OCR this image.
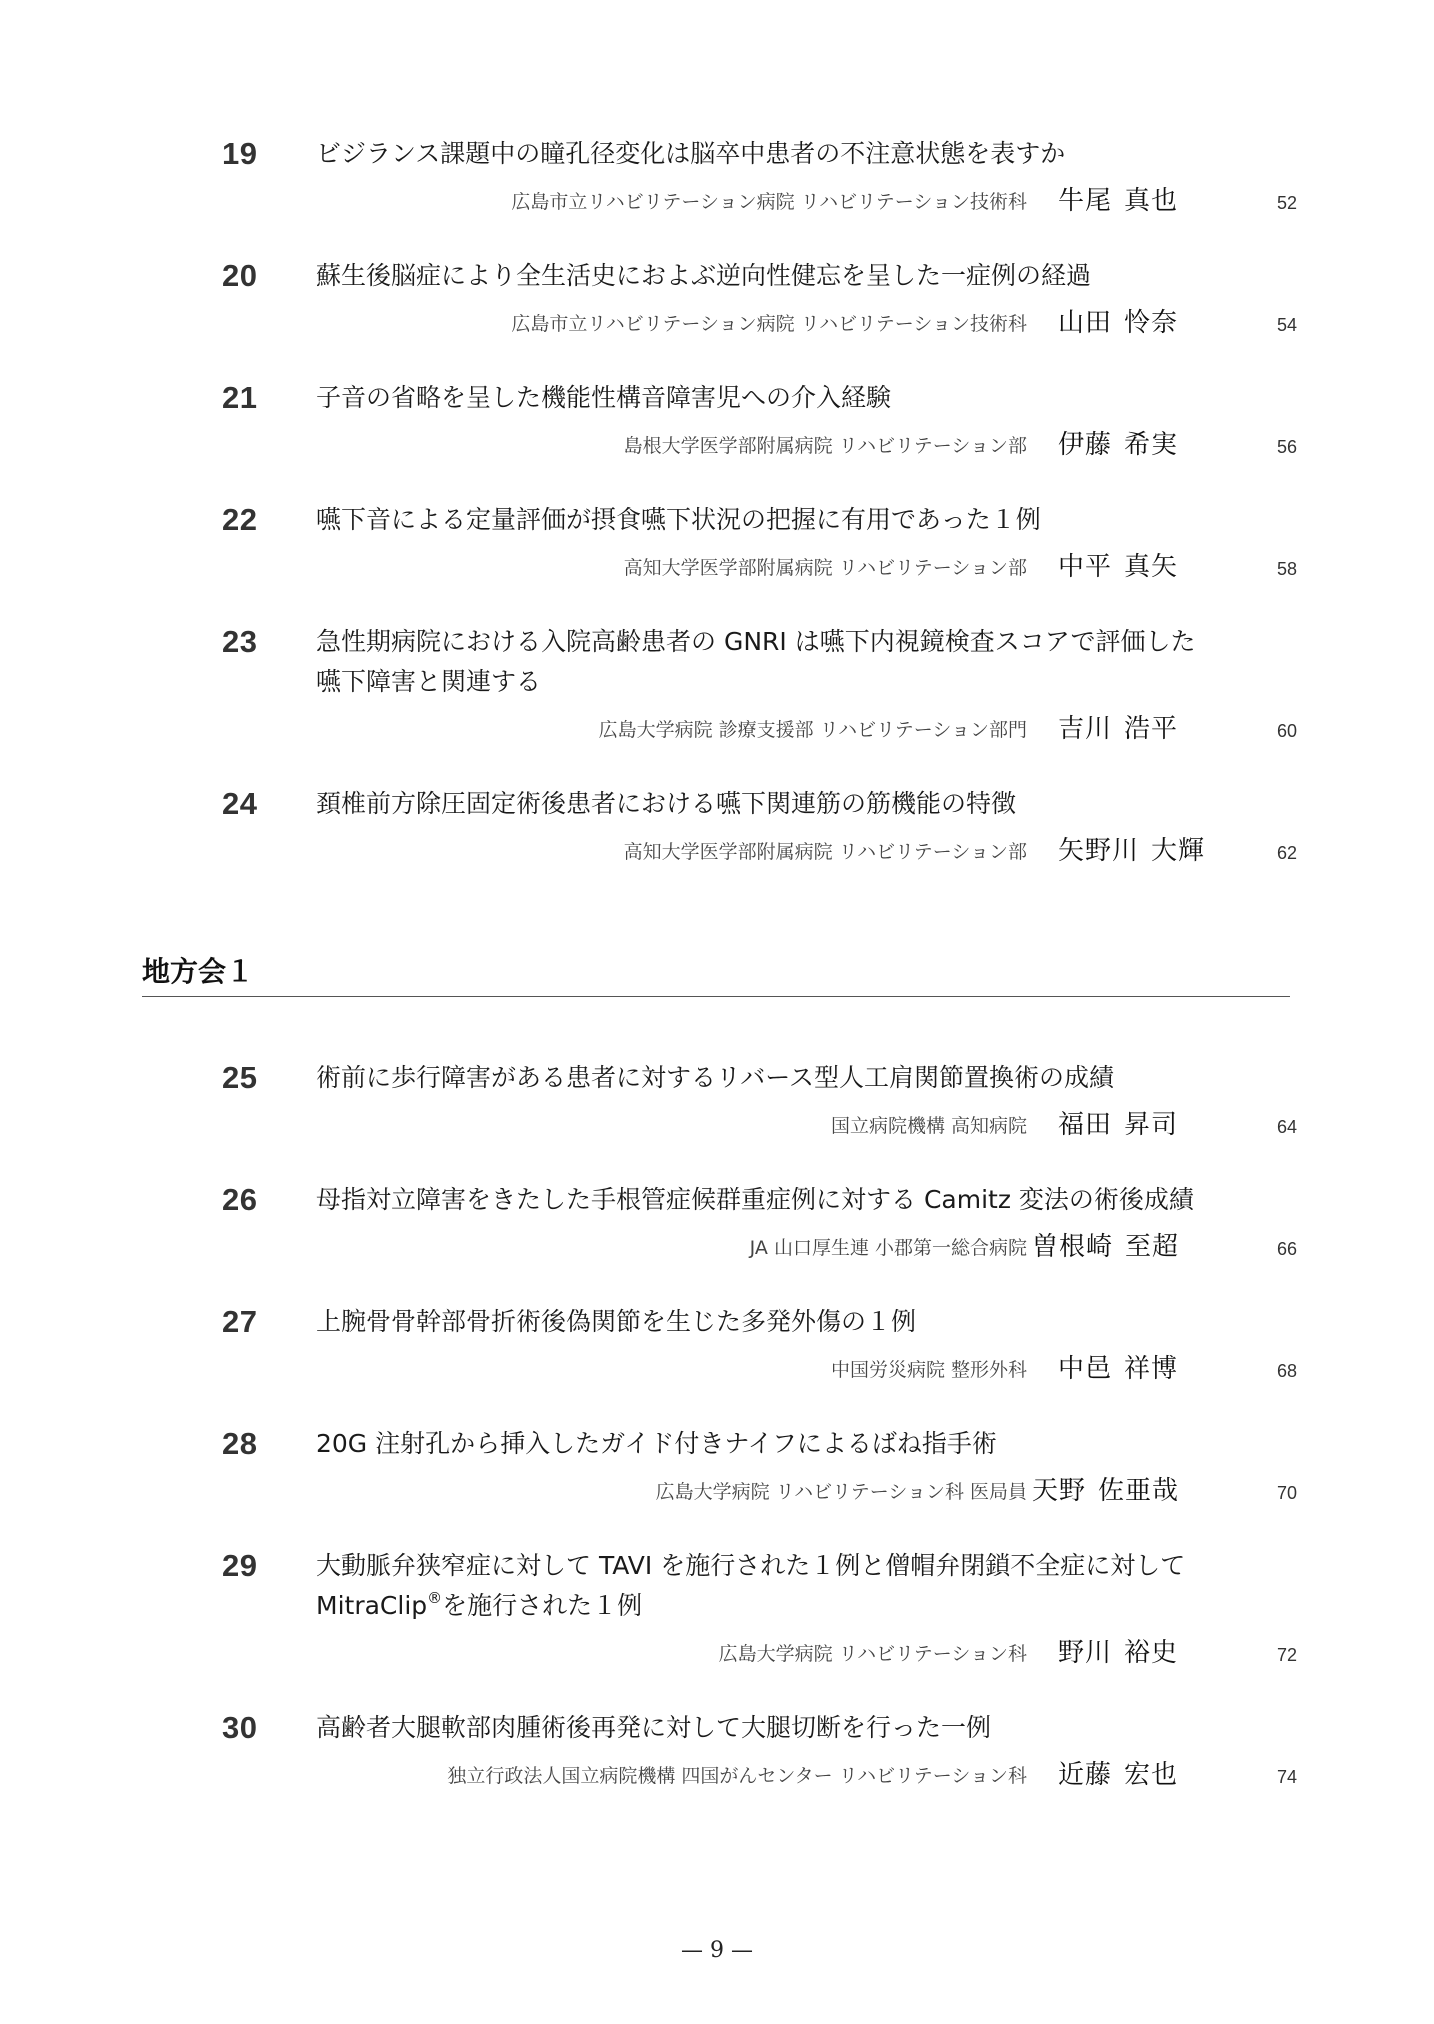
19 ビジランス課題中の瞳孔径変化は脳卒中患者の不注意状態を表すか
広島市立リハビリテーション病院 リハビリテーション技術科 牛尾 真也	52
20 蘇生後脳症により全生活史におよぶ逆向性健忘を呈した一症例の経過
広島市立リハビリテーション病院 リハビリテーション技術科 山田 怜奈	54
21 子音の省略を呈した機能性構音障害児への介入経験
島根大学医学部附属病院 リハビリテーション部 伊藤 希実	56
22 嚥下音による定量評価が摂食嚥下状況の把握に有用であった１例
高知大学医学部附属病院 リハビリテーション部 中平 真矢	58
23 急性期病院における入院高齢患者の GNRI は嚥下内視鏡検査スコアで評価した
嚥下障害と関連する
広島大学病院 診療支援部 リハビリテーション部門 吉川 浩平	60
24 頚椎前方除圧固定術後患者における嚥下関連筋の筋機能の特徴
高知大学医学部附属病院 リハビリテーション部 矢野川 大輝	62
地方会１
25 術前に歩行障害がある患者に対するリバース型人工肩関節置換術の成績
国立病院機構 高知病院 福田 昇司	64
26 母指対立障害をきたした手根管症候群重症例に対する Camitz 変法の術後成績
JA 山口厚生連 小郡第一総合病院 曽根崎 至超	66
27 上腕骨骨幹部骨折術後偽関節を生じた多発外傷の１例
中国労災病院 整形外科 中邑 祥博	68
28 20G 注射孔から挿入したガイド付きナイフによるばね指手術
広島大学病院 リハビリテーション科 医局員 天野 佐亜哉	70
29 大動脈弁狭窄症に対して TAVI を施行された１例と僧帽弁閉鎖不全症に対して
MitraClip®を施行された１例
広島大学病院 リハビリテーション科 野川 裕史	72
30 高齢者大腿軟部肉腫術後再発に対して大腿切断を行った一例
独立行政法人国立病院機構 四国がんセンター リハビリテーション科 近藤 宏也	74
— 9 —
